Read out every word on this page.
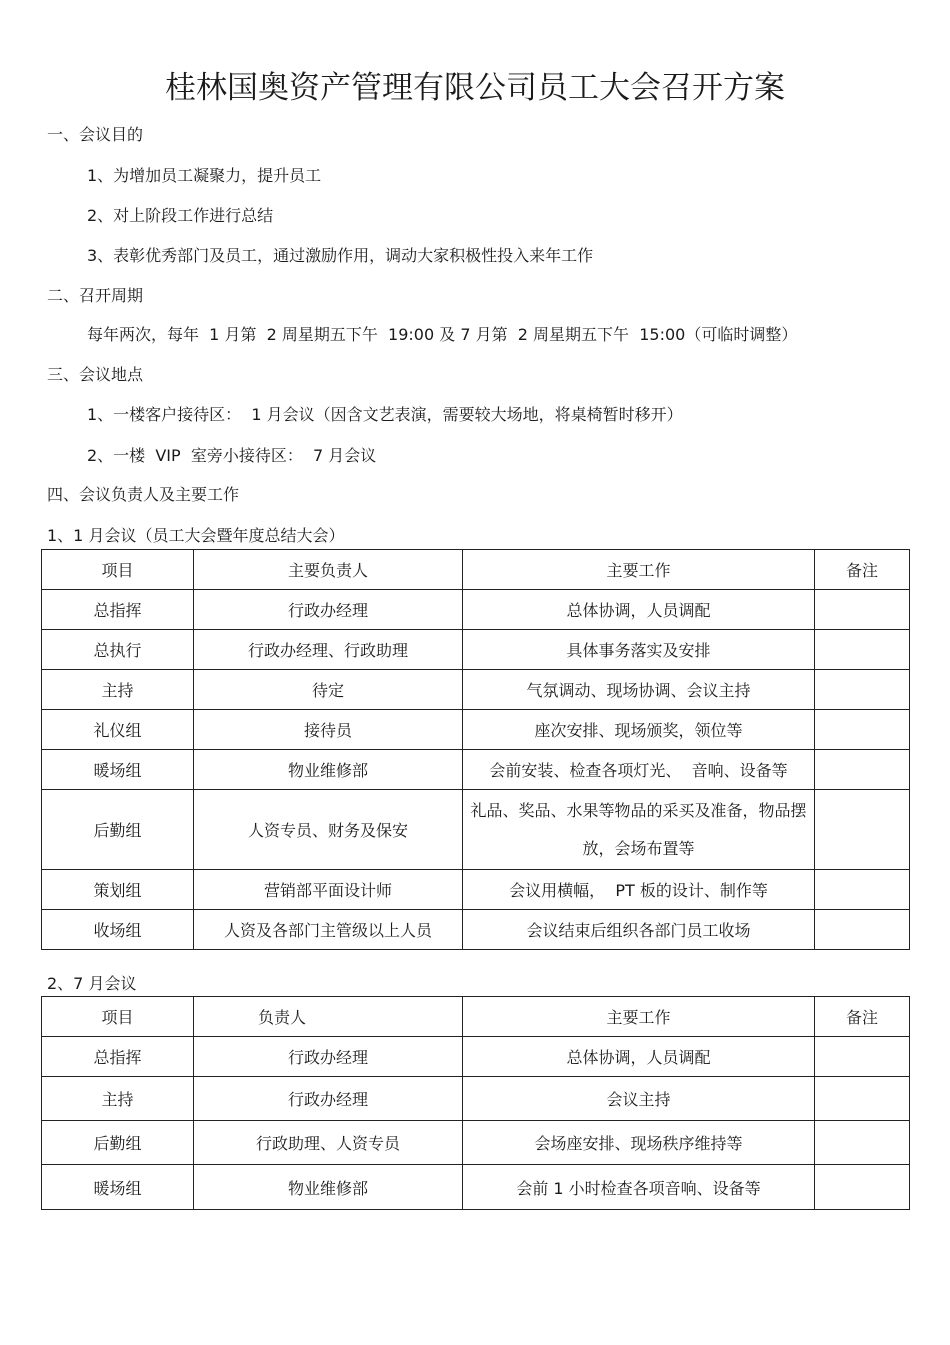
桂林国奥资产管理有限公司员工大会召开方案
一、会议目的
1、为增加员工凝聚力，提升员工
2、对上阶段工作进行总结
3、表彰优秀部门及员工，通过激励作用，调动大家积极性投入来年工作
二、召开周期
每年两次，每年  1 月第  2 周星期五下午  19:00 及 7 月第  2 周星期五下午  15:00（可临时调整）
三、会议地点
1、一楼客户接待区：  1 月会议（因含文艺表演，需要较大场地，将桌椅暂时移开）
2、一楼  VIP  室旁小接待区：  7 月会议
四、会议负责人及主要工作
1、1 月会议（员工大会暨年度总结大会）
项目	主要负责人	主要工作	备注
总指挥	行政办经理	总体协调，人员调配	
总执行	行政办经理、行政助理	具体事务落实及安排	
主持	待定	气氛调动、现场协调、会议主持	
礼仪组	接待员	座次安排、现场颁奖，领位等	
暖场组	物业维修部	会前安装、检查各项灯光、  音响、设备等	
后勤组	人资专员、财务及保安	礼品、奖品、水果等物品的采买及准备，物品摆放，会场布置等	
策划组	营销部平面设计师	会议用横幅，  PT 板的设计、制作等	
收场组	人资及各部门主管级以上人员	会议结束后组织各部门员工收场	
2、7 月会议
项目	负责人	主要工作	备注
总指挥	行政办经理	总体协调，人员调配	
主持	行政办经理	会议主持	
后勤组	行政助理、人资专员	会场座安排、现场秩序维持等	
暖场组	物业维修部	会前 1 小时检查各项音响、设备等	
